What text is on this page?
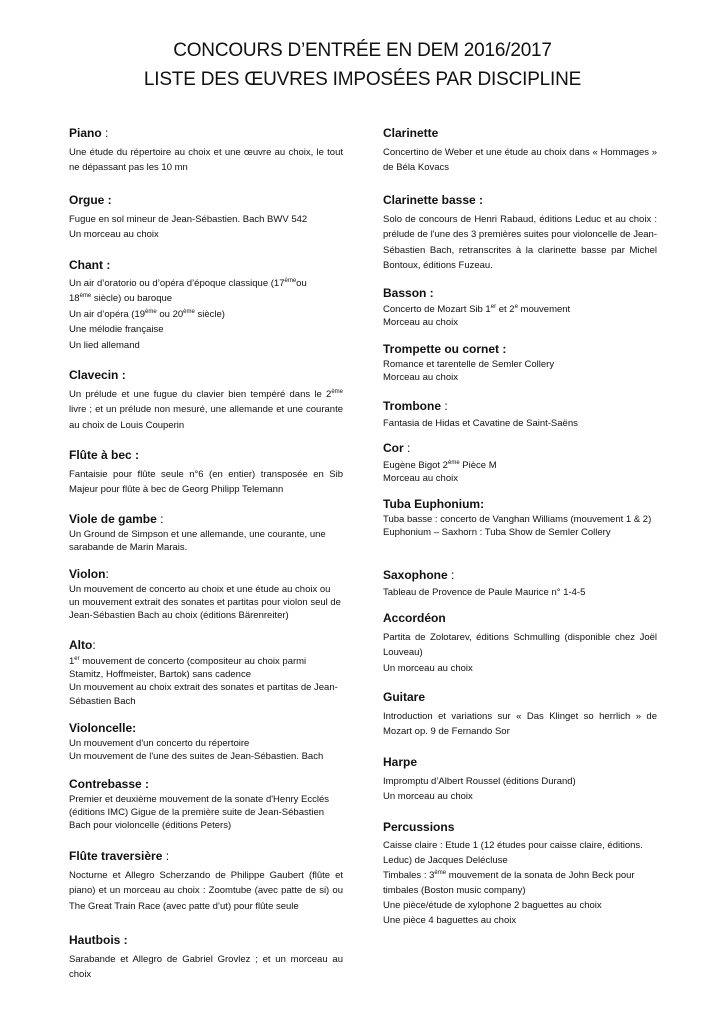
CONCOURS D’ENTRÉE EN DEM 2016/2017
LISTE DES ŒUVRES IMPOSÉES PAR DISCIPLINE
Piano :
Une étude du répertoire au choix et une œuvre au choix, le tout ne dépassant pas les 10 mn
Orgue :

Fugue en sol mineur de Jean-Sébastien. Bach BWV 542

Un morceau au choix

Chant :

Un air d’oratorio ou d’opéra d’époque classique (17èmeou

18ème siècle) ou baroque

Un air d’opéra (19ème ou 20ème siècle)

Une mélodie française

Un lied allemand

Clavecin :
Un prélude et une fugue du clavier bien tempéré dans le 2ème livre ; et un prélude non mesuré, une allemande et une courante au choix de Louis Couperin
Flûte à bec :
Fantaisie pour flûte seule n°6 (en entier) transposée en Sib Majeur pour flûte à bec de Georg Philipp Telemann
Viole de gambe :
Un Ground de Simpson et une allemande, une courante, une sarabande de Marin Marais.
Violon:
Un mouvement de concerto au choix et une étude au choix ou un mouvement extrait des sonates et partitas pour violon seul de Jean-Sébastien Bach au choix (éditions Bärenreiter)
Alto:

1er mouvement de concerto (compositeur au choix parmi Stamitz, Hoffmeister, Bartok) sans cadence

Un mouvement au choix extrait des sonates et partitas de Jean-Sébastien Bach

Violoncelle:

Un mouvement d'un concerto du répertoire

Un mouvement de l'une des suites de Jean-Sébastien. Bach

Contrebasse :
Premier et deuxième mouvement de la sonate d'Henry Ecclés (éditions IMC) Gigue de la première suite de Jean-Sébastien Bach pour violoncelle (éditions Peters)
Flûte traversière :
Nocturne et Allegro Scherzando de Philippe Gaubert (flûte et piano) et un morceau au choix : Zoomtube (avec patte de si) ou The Great Train Race (avec patte d’ut) pour flûte seule
Hautbois :
Sarabande et Allegro de Gabriel Grovlez ; et un morceau au choix
Clarinette
Concertino de Weber et une étude au choix dans « Hommages » de Béla Kovacs
Clarinette basse :
Solo de concours de Henri Rabaud, éditions Leduc et au choix : prélude de l'une des 3 premières suites pour violoncelle de Jean-Sébastien Bach, retranscrites à la clarinette basse par Michel Bontoux, éditions Fuzeau.
Basson :

Concerto de Mozart Sib 1er et 2e mouvement

Morceau au choix

Trompette ou cornet :

Romance et tarentelle de Semler Collery

Morceau au choix

Trombone :
Fantasia de Hidas et Cavatine de Saint-Saëns
Cor :

Eugène Bigot 2ème Pièce M

Morceau au choix

Tuba Euphonium:

Tuba basse : concerto de Vanghan Williams (mouvement 1 & 2)

Euphonium – Saxhorn : Tuba Show de Semler Collery

Saxophone :
Tableau de Provence de Paule Maurice n° 1-4-5
Accordéon

Partita de Zolotarev, éditions Schmulling (disponible chez Joël Louveau)

Un morceau au choix

Guitare
Introduction et variations sur « Das Klinget so herrlich » de Mozart op. 9 de Fernando Sor
Harpe

Impromptu d’Albert Roussel (éditions Durand)

Un morceau au choix

Percussions

Caisse claire : Etude 1 (12 études pour caisse claire, éditions. Leduc) de Jacques Delécluse

Timbales : 3ème mouvement de la sonata de John Beck pour timbales (Boston music company)

Une pièce/étude de xylophone 2 baguettes au choix

Une pièce 4 baguettes au choix
